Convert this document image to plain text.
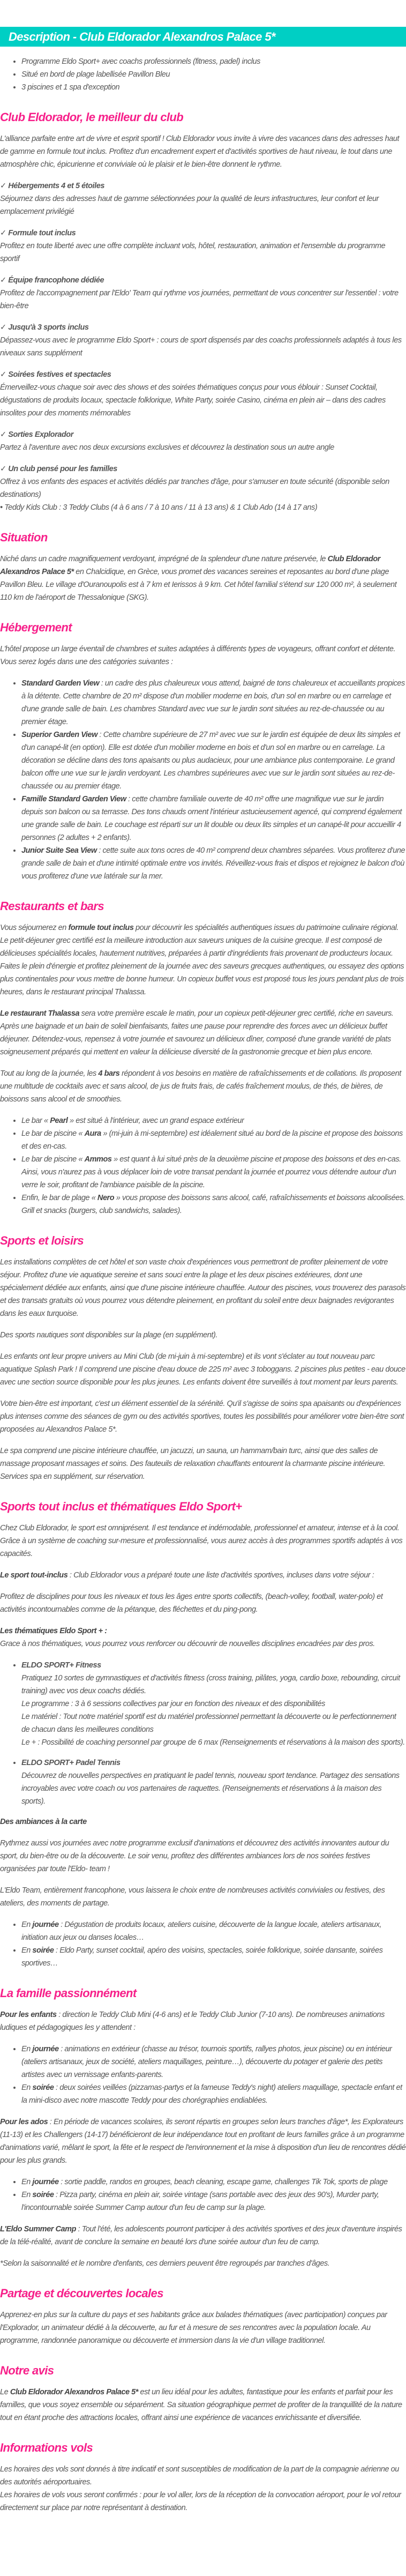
Description - Club Eldorador Alexandros Palace 5*
• Programme Eldo Sport+ avec coachs professionnels (fitness, padel) inclus
• Situé en bord de plage labellisée Pavillon Bleu
• 3 piscines et 1 spa d'exception
Club Eldorador, le meilleur du club

L'alliance parfaite entre art de vivre et esprit sportif ! Club Eldorador vous invite à vivre des vacances dans des adresses haut de gamme en formule tout inclus. Profitez d'un encadrement expert et d'activités sportives de haut niveau, le tout dans une atmosphère chic, épicurienne et conviviale où le plaisir et le bien-être donnent le rythme.

✓ Hébergements 4 et 5 étoiles
Séjournez dans des adresses haut de gamme sélectionnées pour la qualité de leurs infrastructures, leur confort et leur emplacement privilégié
✓ Formule tout inclus
Profitez en toute liberté avec une offre complète incluant vols, hôtel, restauration, animation et l'ensemble du programme sportif
✓ Équipe francophone dédiée
Profitez de l'accompagnement par l'Eldo' Team qui rythme vos journées, permettant de vous concentrer sur l'essentiel : votre bien-être
✓ Jusqu'à 3 sports inclus
Dépassez-vous avec le programme Eldo Sport+ : cours de sport dispensés par des coachs professionnels adaptés à tous les niveaux sans supplément
✓ Soirées festives et spectacles
Émerveillez-vous chaque soir avec des shows et des soirées thématiques conçus pour vous éblouir : Sunset Cocktail, dégustations de produits locaux, spectacle folklorique, White Party, soirée Casino, cinéma en plein air – dans des cadres insolites pour des moments mémorables
✓ Sorties Explorador
Partez à l'aventure avec nos deux excursions exclusives et découvrez la destination sous un autre angle
✓ Un club pensé pour les familles
Offrez à vos enfants des espaces et activités dédiés par tranches d'âge, pour s'amuser en toute sécurité (disponible selon destinations)
• Teddy Kids Club : 3 Teddy Clubs (4 à 6 ans / 7 à 10 ans / 11 à 13 ans) & 1 Club Ado (14 à 17 ans)
Situation

Niché dans un cadre magnifiquement verdoyant, imprégné de la splendeur d'une nature préservée, le Club Eldorador Alexandros Palace 5* en Chalcidique, en Grèce, vous promet des vacances sereines et reposantes au bord d'une plage Pavillon Bleu. Le village d'Ouranoupolis est à 7 km et Ierissos à 9 km. Cet hôtel familial s'étend sur 120 000 m², à seulement 110 km de l'aéroport de Thessalonique (SKG).

Hébergement

L'hôtel propose un large éventail de chambres et suites adaptées à différents types de voyageurs, offrant confort et détente. Vous serez logés dans une des catégories suivantes :

• Standard Garden View : un cadre des plus chaleureux vous attend, baigné de tons chaleureux et accueillants propices à la détente. Cette chambre de 20 m² dispose d'un mobilier moderne en bois, d'un sol en marbre ou en carrelage et d'une grande salle de bain. Les chambres Standard avec vue sur le jardin sont situées au rez-de-chaussée ou au premier étage.
• Superior Garden View : Cette chambre supérieure de 27 m² avec vue sur le jardin est équipée de deux lits simples et d'un canapé-lit (en option). Elle est dotée d'un mobilier moderne en bois et d'un sol en marbre ou en carrelage. La décoration se décline dans des tons apaisants ou plus audacieux, pour une ambiance plus contemporaine. Le grand balcon offre une vue sur le jardin verdoyant. Les chambres supérieures avec vue sur le jardin sont situées au rez-de-chaussée ou au premier étage.
• Famille Standard Garden View : cette chambre familiale ouverte de 40 m² offre une magnifique vue sur le jardin depuis son balcon ou sa terrasse. Des tons chauds ornent l'intérieur astucieusement agencé, qui comprend également une grande salle de bain. Le couchage est réparti sur un lit double ou deux lits simples et un canapé-lit pour accueillir 4 personnes (2 adultes + 2 enfants).
• Junior Suite Sea View : cette suite aux tons ocres de 40 m² comprend deux chambres séparées. Vous profiterez d'une grande salle de bain et d'une intimité optimale entre vos invités. Réveillez-vous frais et dispos et rejoignez le balcon d'où vous profiterez d'une vue latérale sur la mer.
Restaurants et bars

Vous séjournerez en formule tout inclus pour découvrir les spécialités authentiques issues du patrimoine culinaire régional. Le petit-déjeuner grec certifié est la meilleure introduction aux saveurs uniques de la cuisine grecque. Il est composé de délicieuses spécialités locales, hautement nutritives, préparées à partir d'ingrédients frais provenant de producteurs locaux. Faites le plein d'énergie et profitez pleinement de la journée avec des saveurs grecques authentiques, ou essayez des options plus continentales pour vous mettre de bonne humeur. Un copieux buffet vous est proposé tous les jours pendant plus de trois heures, dans le restaurant principal Thalassa.

Le restaurant Thalassa sera votre première escale le matin, pour un copieux petit-déjeuner grec certifié, riche en saveurs. Après une baignade et un bain de soleil bienfaisants, faites une pause pour reprendre des forces avec un délicieux buffet déjeuner. Détendez-vous, repensez à votre journée et savourez un délicieux dîner, composé d'une grande variété de plats soigneusement préparés qui mettent en valeur la délicieuse diversité de la gastronomie grecque et bien plus encore.

Tout au long de la journée, les 4 bars répondent à vos besoins en matière de rafraîchissements et de collations. Ils proposent une multitude de cocktails avec et sans alcool, de jus de fruits frais, de cafés fraîchement moulus, de thés, de bières, de boissons sans alcool et de smoothies.

• Le bar « Pearl » est situé à l'intérieur, avec un grand espace extérieur
• Le bar de piscine « Aura » (mi-juin à mi-septembre) est idéalement situé au bord de la piscine et propose des boissons et des en-cas.
• Le bar de piscine « Ammos » est quant à lui situé près de la deuxième piscine et propose des boissons et des en-cas. Ainsi, vous n'aurez pas à vous déplacer loin de votre transat pendant la journée et pourrez vous détendre autour d'un verre le soir, profitant de l'ambiance paisible de la piscine.
• Enfin, le bar de plage « Nero » vous propose des boissons sans alcool, café, rafraîchissements et boissons alcoolisées. Grill et snacks (burgers, club sandwichs, salades).
Sports et loisirs

Les installations complètes de cet hôtel et son vaste choix d'expériences vous permettront de profiter pleinement de votre séjour. Profitez d'une vie aquatique sereine et sans souci entre la plage et les deux piscines extérieures, dont une spécialement dédiée aux enfants, ainsi que d'une piscine intérieure chauffée. Autour des piscines, vous trouverez des parasols et des transats gratuits où vous pourrez vous détendre pleinement, en profitant du soleil entre deux baignades revigorantes dans les eaux turquoise.

Des sports nautiques sont disponibles sur la plage (en supplément).

Les enfants ont leur propre univers au Mini Club (de mi-juin à mi-septembre) et ils vont s'éclater au tout nouveau parc aquatique Splash Park ! Il comprend une piscine d'eau douce de 225 m² avec 3 toboggans. 2 piscines plus petites - eau douce avec une section source disponible pour les plus jeunes. Les enfants doivent être surveillés à tout moment par leurs parents.

Votre bien-être est important, c'est un élément essentiel de la sérénité. Qu'il s'agisse de soins spa apaisants ou d'expériences plus intenses comme des séances de gym ou des activités sportives, toutes les possibilités pour améliorer votre bien-être sont proposées au Alexandros Palace 5*.

Le spa comprend une piscine intérieure chauffée, un jacuzzi, un sauna, un hammam/bain turc, ainsi que des salles de massage proposant massages et soins. Des fauteuils de relaxation chauffants entourent la charmante piscine intérieure. Services spa en supplément, sur réservation.

Sports tout inclus et thématiques Eldo Sport+

Chez Club Eldorador, le sport est omniprésent. Il est tendance et indémodable, professionnel et amateur, intense et à la cool. Grâce à un système de coaching sur-mesure et professionnalisé, vous aurez accès à des programmes sportifs adaptés à vos capacités.

Le sport tout-inclus : Club Eldorador vous a préparé toute une liste d'activités sportives, incluses dans votre séjour :

Profitez de disciplines pour tous les niveaux et tous les âges entre sports collectifs, (beach-volley, football, water-polo) et activités incontournables comme de la pétanque, des fléchettes et du ping-pong.

Les thématiques Eldo Sport + :
Grace à nos thématiques, vous pourrez vous renforcer ou découvrir de nouvelles disciplines encadrées par des pros.

• ELDO SPORT+ Fitness
Pratiquez 10 sortes de gymnastiques et d'activités fitness (cross training, pilâtes, yoga, cardio boxe, rebounding, circuit training) avec vos deux coachs dédiés.
Le programme : 3 à 6 sessions collectives par jour en fonction des niveaux et des disponibilités
Le matériel : Tout notre matériel sportif est du matériel professionnel permettant la découverte ou le perfectionnement de chacun dans les meilleures conditions
Le + : Possibilité de coaching personnel par groupe de 6 max (Renseignements et réservations à la maison des sports).
• ELDO SPORT+ Padel Tennis
Découvrez de nouvelles perspectives en pratiquant le padel tennis, nouveau sport tendance. Partagez des sensations incroyables avec votre coach ou vos partenaires de raquettes. (Renseignements et réservations à la maison des sports).

Des ambiances à la carte

Rythmez aussi vos journées avec notre programme exclusif d'animations et découvrez des activités innovantes autour du sport, du bien-être ou de la découverte. Le soir venu, profitez des différentes ambiances lors de nos soirées festives organisées par toute l'Eldo- team !

L'Eldo Team, entièrement francophone, vous laissera le choix entre de nombreuses activités conviviales ou festives, des ateliers, des moments de partage.

• En journée : Dégustation de produits locaux, ateliers cuisine, découverte de la langue locale, ateliers artisanaux, initiation aux jeux ou danses locales…
• En soirée : Eldo Party, sunset cocktail, apéro des voisins, spectacles, soirée folklorique, soirée dansante, soirées sportives…
La famille passionnément

Pour les enfants : direction le Teddy Club Mini (4-6 ans) et le Teddy Club Junior (7-10 ans). De nombreuses animations ludiques et pédagogiques les y attendent :

• En journée : animations en extérieur (chasse au trésor, tournois sportifs, rallyes photos, jeux piscine) ou en intérieur (ateliers artisanaux, jeux de société, ateliers maquillages, peinture…), découverte du potager et galerie des petits artistes avec un vernissage enfants-parents.
• En soirée : deux soirées veillées (pizzamas-partys et la fameuse Teddy's night) ateliers maquillage, spectacle enfant et la mini-disco avec notre mascotte Teddy pour des chorégraphies endiablées.

Pour les ados : En période de vacances scolaires, ils seront répartis en groupes selon leurs tranches d'âge*, les Explorateurs (11-13) et les Challengers (14-17) bénéficieront de leur indépendance tout en profitant de leurs familles grâce à un programme d'animations varié, mêlant le sport, la fête et le respect de l'environnement et la mise à disposition d'un lieu de rencontres dédié pour les plus grands.

• En journée : sortie paddle, randos en groupes, beach cleaning, escape game, challenges Tik Tok, sports de plage
• En soirée : Pizza party, cinéma en plein air, soirée vintage (sans portable avec des jeux des 90's), Murder party, l'incontournable soirée Summer Camp autour d'un feu de camp sur la plage.

L'Eldo Summer Camp : Tout l'été, les adolescents pourront participer à des activités sportives et des jeux d'aventure inspirés de la télé-réalité, avant de conclure la semaine en beauté lors d'une soirée autour d'un feu de camp.

*Selon la saisonnalité et le nombre d'enfants, ces derniers peuvent être regroupés par tranches d'âges.

Partage et découvertes locales

Apprenez-en plus sur la culture du pays et ses habitants grâce aux balades thématiques (avec participation) conçues par l'Explorador, un animateur dédié à la découverte, au fur et à mesure de ses rencontres avec la population locale. Au programme, randonnée panoramique ou découverte et immersion dans la vie d'un village traditionnel.

Notre avis

Le Club Eldorador Alexandros Palace 5* est un lieu idéal pour les adultes, fantastique pour les enfants et parfait pour les familles, que vous soyez ensemble ou séparément. Sa situation géographique permet de profiter de la tranquillité de la nature tout en étant proche des attractions locales, offrant ainsi une expérience de vacances enrichissante et diversifiée.

Informations vols

Les horaires des vols sont donnés à titre indicatif et sont susceptibles de modification de la part de la compagnie aérienne ou des autorités aéroportuaires.
Les horaires de vols vous seront confirmés : pour le vol aller, lors de la réception de la convocation aéroport, pour le vol retour directement sur place par notre représentant à destination.
